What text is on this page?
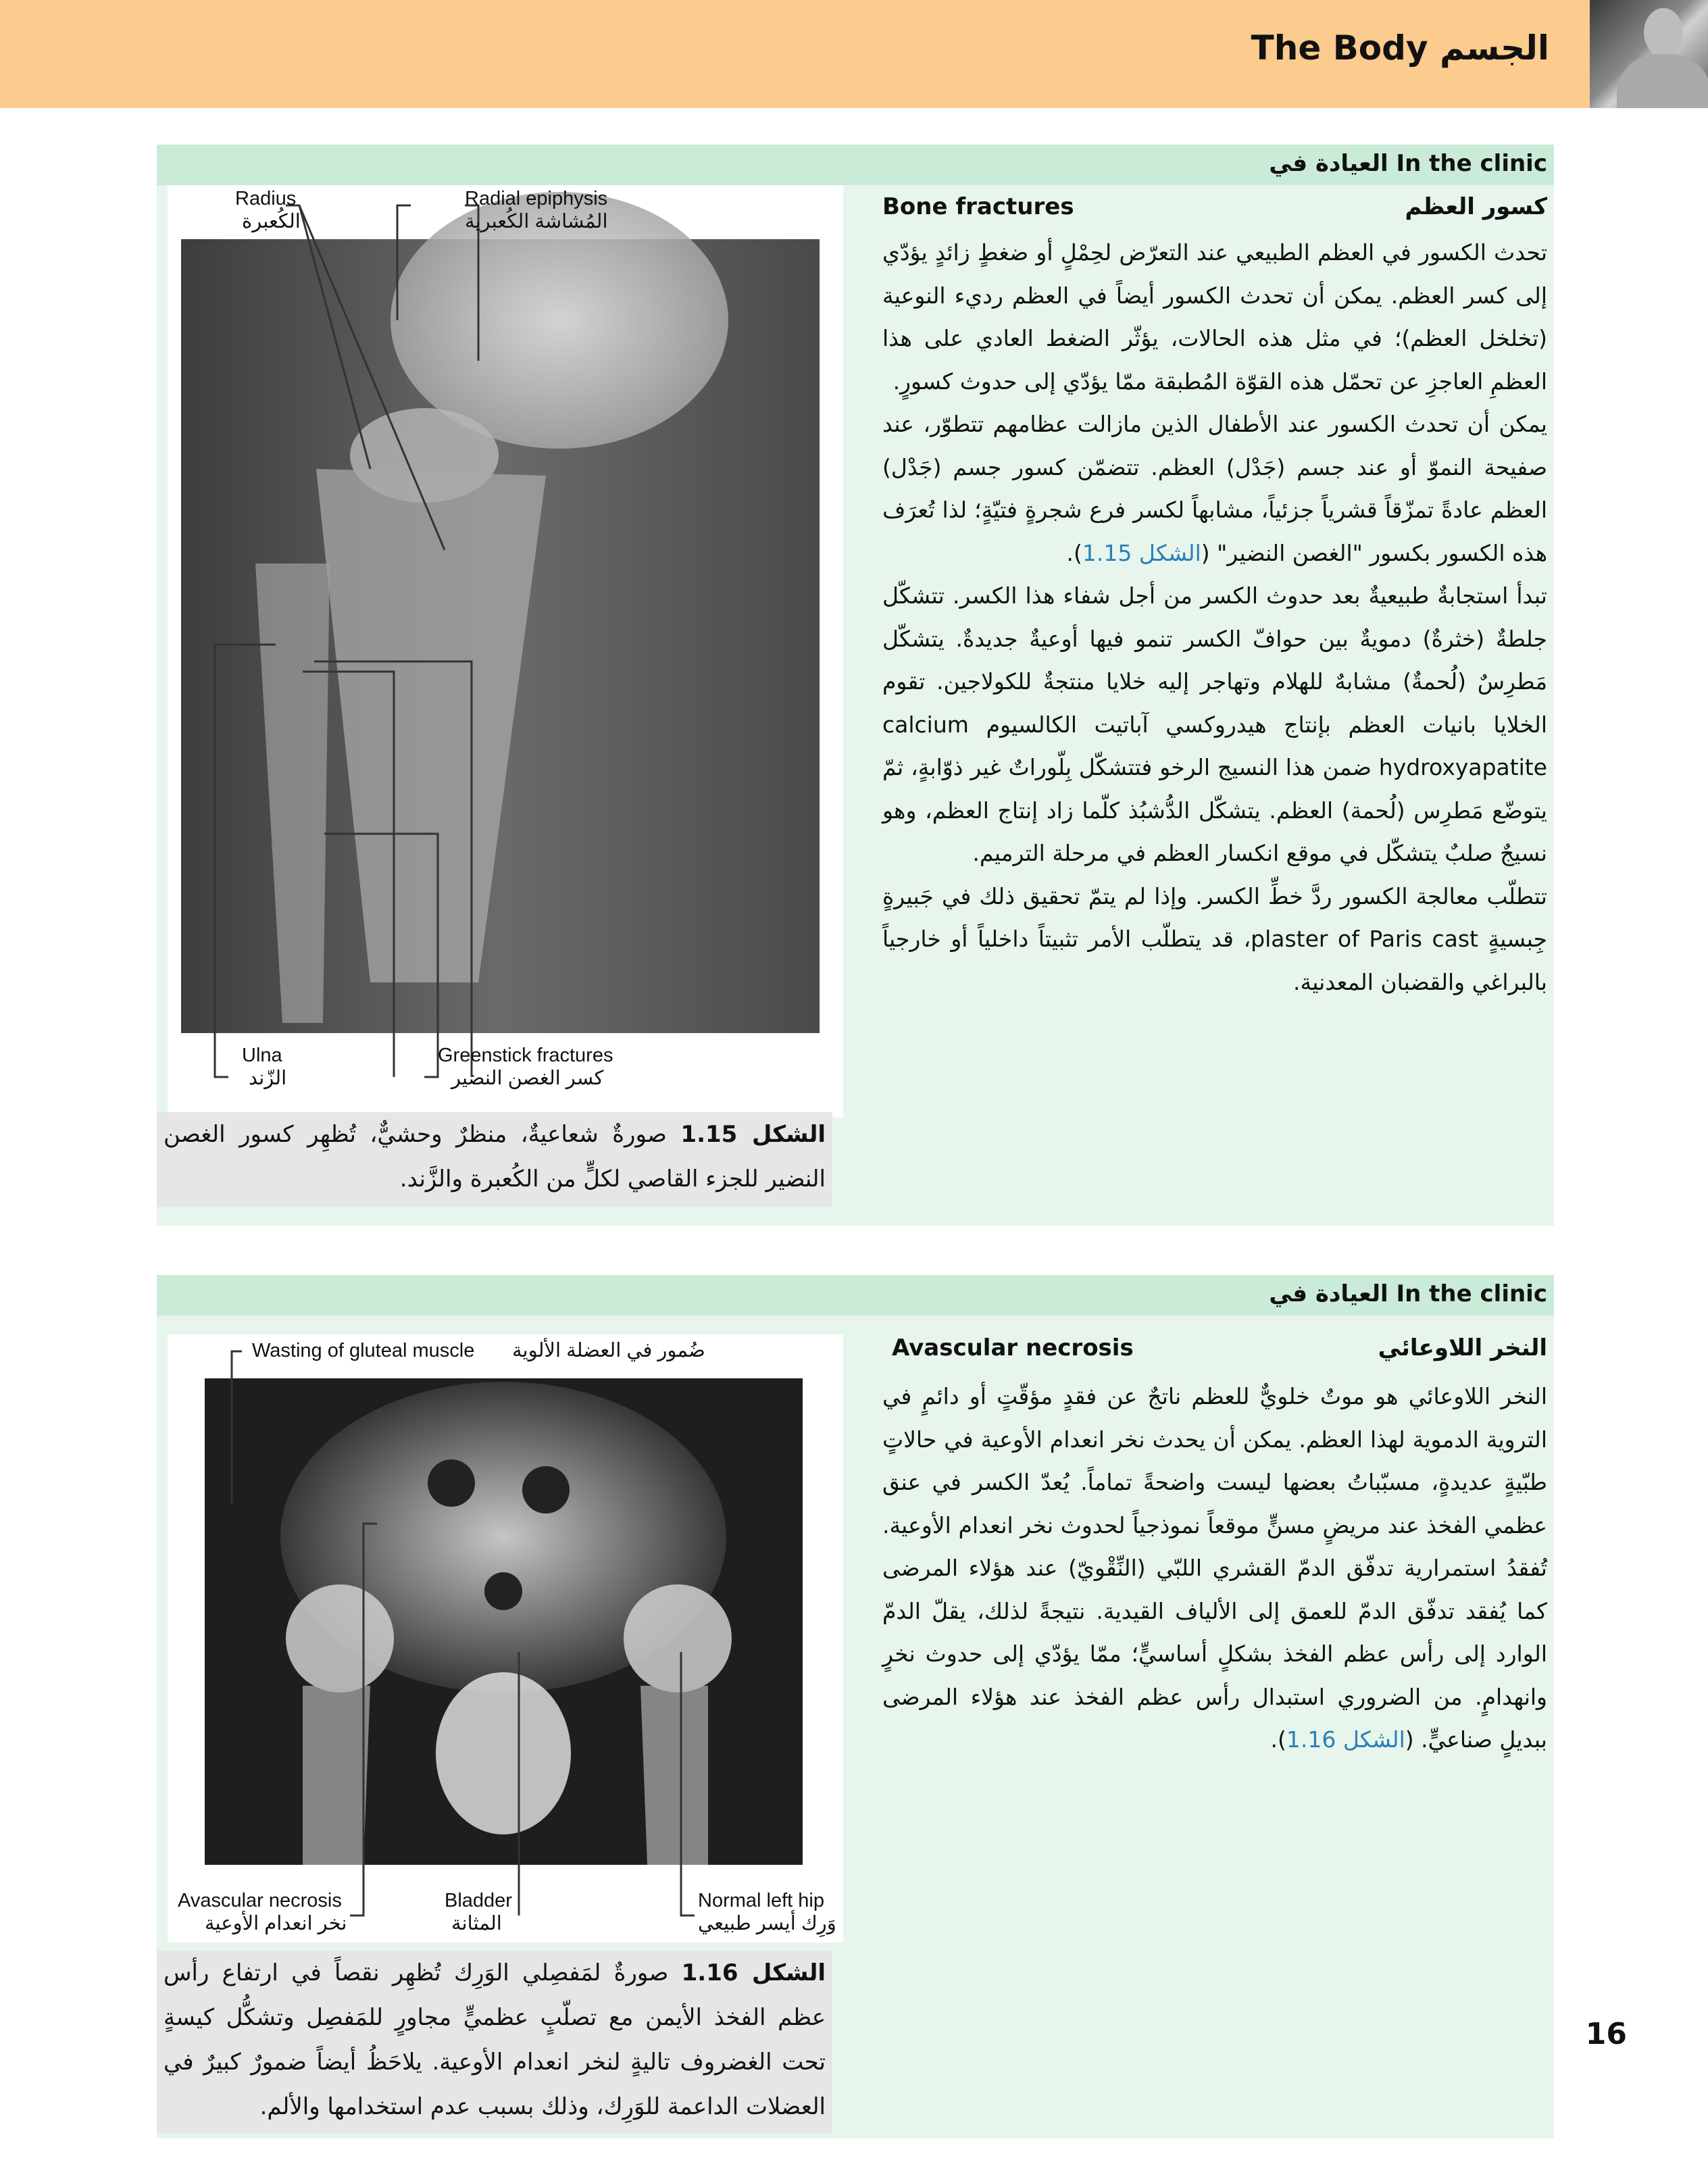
The Body الجسم
In the clinic العيادة في
Radius
الكُعبرة
Radial epiphysis
المُشاشة الكُعبرية
Ulna
الزّند
Greenstick fractures
كسر الغصن النضير
الشكل 1.15 صورةٌ شعاعيةٌ، منظرٌ وحشيٌّ، تُظهِر كسور الغصن النضير للجزء القاصي لكلٍّ من الكُعبرة والزَّند.
كسور العظم
Bone fractures

تحدث الكسور في العظم الطبيعي عند التعرّض لحِمْلٍ أو ضغطٍ زائدٍ يؤدّي إلى كسر العظم. يمكن أن تحدث الكسور أيضاً في العظم رديء النوعية (تخلخل العظم)؛ في مثل هذه الحالات، يؤثّر الضغط العادي على هذا العظمِ العاجزِ عن تحمّل هذه القوّة المُطبقة ممّا يؤدّي إلى حدوث كسورٍ.

يمكن أن تحدث الكسور عند الأطفال الذين مازالت عظامهم تتطوّر، عند صفيحة النموّ أو عند جسم (جَدْل) العظم. تتضمّن كسور جسم (جَدْل) العظم عادةً تمزّقاً قشرياً جزئياً، مشابهاً لكسر فرع شجرةٍ فتيّةٍ؛ لذا تُعرَف هذه الكسور بكسور "الغصن النضير" (الشكل 1.15).

تبدأ استجابةٌ طبيعيةٌ بعد حدوث الكسر من أجل شفاء هذا الكسر. تتشكّل جلطةٌ (خثرةٌ) دمويةٌ بين حوافّ الكسر تنمو فيها أوعيةٌ جديدةٌ. يتشكّل مَطرِسٌ (لُحمةٌ) مشابهٌ للهلام وتهاجر إليه خلايا منتجةٌ للكولاجين. تقوم الخلايا بانيات العظم بإنتاج هيدروكسي آباتيت الكالسيوم calcium hydroxyapatite ضمن هذا النسيج الرخو فتتشكّل بِلّوراتٌ غير ذوّابةٍ، ثمّ يتوضّع مَطرِس (لُحمة) العظم. يتشكّل الدُّشبُذ كلّما زاد إنتاج العظم، وهو نسيجٌ صلبٌ يتشكّل في موقع انكسار العظم في مرحلة الترميم.

تتطلّب معالجة الكسور ردَّ خطِّ الكسر. وإذا لم يتمّ تحقيق ذلك في جَبيرةٍ جِبسيةٍ plaster of Paris cast، قد يتطلّب الأمر تثبيتاً داخلياً أو خارجياً بالبراغي والقضبان المعدنية.

In the clinic العيادة في
Wasting of gluteal muscle ضُمور في العضلة الألوية
Avascular necrosis
نخر انعدام الأوعية
Bladder
المثانة
Normal left hip
وَرِك أيسر طبيعي
الشكل 1.16 صورةٌ لمَفصِلي الوَرِك تُظهِر نقصاً في ارتفاع رأس عظم الفخذ الأيمن مع تصلّبٍ عظميٍّ مجاورٍ للمَفصِل وتشكُّل كيسةٍ تحت الغضروف تاليةٍ لنخر انعدام الأوعية. يلاحَظُ أيضاً ضمورٌ كبيرٌ في العضلات الداعمة للوَرِك، وذلك بسبب عدم استخدامها والألم.
النخر اللاوعائي
Avascular necrosis

النخر اللاوعائي هو موتٌ خلويٌّ للعظم ناتجٌ عن فقدٍ مؤقّتٍ أو دائمٍ في التروية الدموية لهذا العظم. يمكن أن يحدث نخر انعدام الأوعية في حالاتٍ طبّيةٍ عديدةٍ، مسبّباتُ بعضها ليست واضحةً تماماً. يُعدّ الكسر في عنق عظمي الفخذ عند مريضٍ مسنٍّ موقعاً نموذجياً لحدوث نخر انعدام الأوعية. تُفقدُ استمرارية تدفّق الدمّ القشري اللبّي (النِّقْويّ) عند هؤلاء المرضى كما يُفقد تدفّق الدمّ للعمق إلى الألياف القيدية. نتيجةً لذلك، يقلّ الدمّ الوارد إلى رأس عظم الفخذ بشكلٍ أساسيٍّ؛ ممّا يؤدّي إلى حدوث نخرٍ وانهدامٍ. من الضروري استبدال رأس عظم الفخذ عند هؤلاء المرضى ببديلٍ صناعيٍّ. (الشكل 1.16).

16
